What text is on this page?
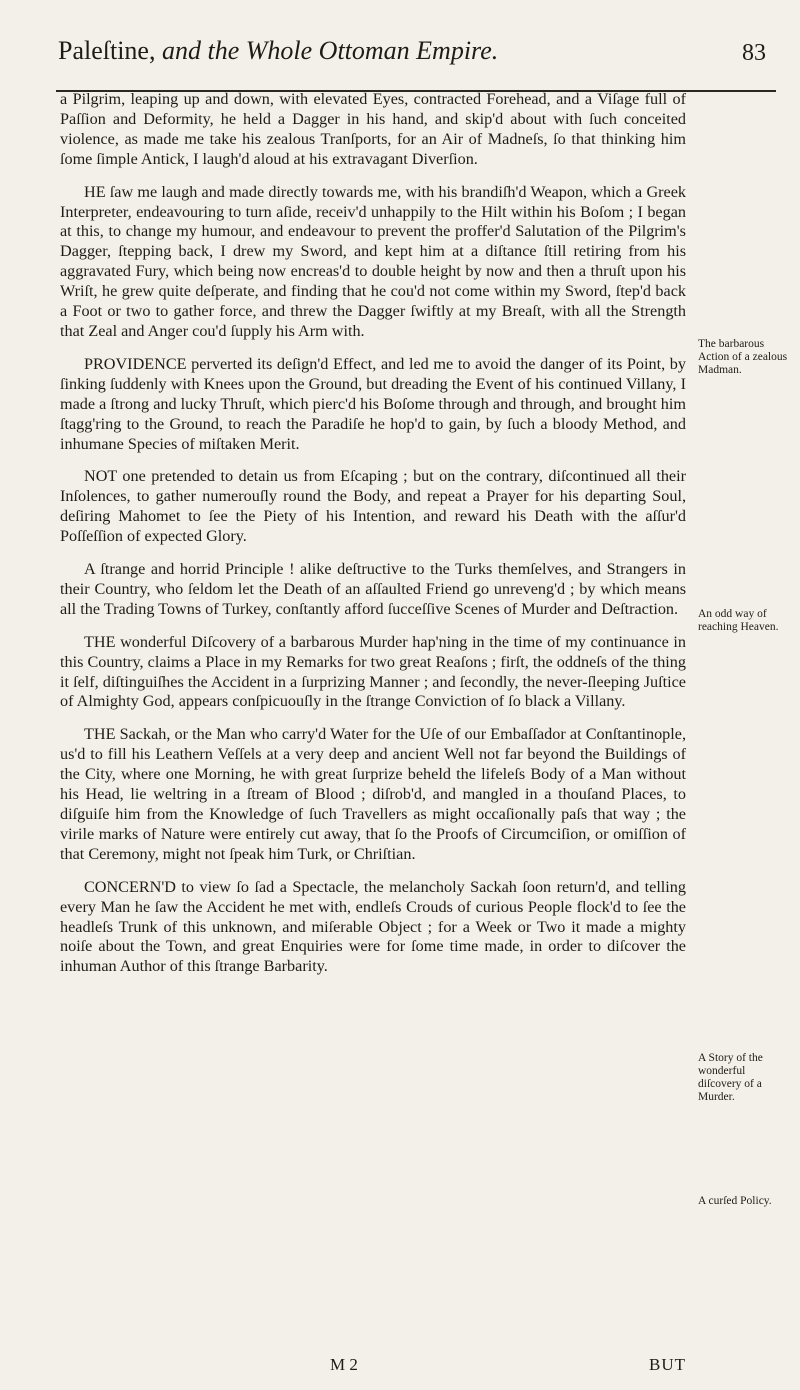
Paleſtine, and the Whole Ottoman Empire.	83

a Pilgrim, leaping up and down, with elevated Eyes, contracted Forehead, and a Viſage full of Paſſion and Deformity, he held a Dagger in his hand, and skip'd about with ſuch conceited violence, as made me take his zealous Tranſports, for an Air of Madneſs, ſo that thinking him ſome ſimple Antick, I laugh'd aloud at his extravagant Diverſion.

HE ſaw me laugh and made directly towards me, with his brandiſh'd Weapon, which a Greek Interpreter, endeavouring to turn aſide, receiv'd unhappily to the Hilt within his Boſom ; I began at this, to change my humour, and endeavour to prevent the proffer'd Salutation of the Pilgrim's Dagger, ſtepping back, I drew my Sword, and kept him at a diſtance ſtill retiring from his aggravated Fury, which being now encreas'd to double height by now and then a thruſt upon his Wriſt, he grew quite deſperate, and finding that he cou'd not come within my Sword, ſtep'd back a Foot or two to gather force, and threw the Dagger ſwiftly at my Breaſt, with all the Strength that Zeal and Anger cou'd ſupply his Arm with.

PROVIDENCE perverted its deſign'd Effect, and led me to avoid the danger of its Point, by ſinking ſuddenly with Knees upon the Ground, but dreading the Event of his continued Villany, I made a ſtrong and lucky Thruſt, which pierc'd his Boſome through and through, and brought him ſtagg'ring to the Ground, to reach the Paradiſe he hop'd to gain, by ſuch a bloody Method, and inhumane Species of miſtaken Merit.

NOT one pretended to detain us from Eſcaping ; but on the contrary, diſcontinued all their Inſolences, to gather numerouſly round the Body, and repeat a Prayer for his departing Soul, deſiring Mahomet to ſee the Piety of his Intention, and reward his Death with the aſſur'd Poſſeſſion of expected Glory.

A ſtrange and horrid Principle ! alike deſtructive to the Turks themſelves, and Strangers in their Country, who ſeldom let the Death of an aſſaulted Friend go unreveng'd ; by which means all the Trading Towns of Turkey, conſtantly afford ſucceſſive Scenes of Murder and Deſtraction.

THE wonderful Diſcovery of a barbarous Murder hap'ning in the time of my continuance in this Country, claims a Place in my Remarks for two great Reaſons ; firſt, the oddneſs of the thing it ſelf, diſtinguiſhes the Accident in a ſurprizing Manner ; and ſecondly, the never-ſleeping Juſtice of Almighty God, appears conſpicuouſly in the ſtrange Conviction of ſo black a Villany.

THE Sackah, or the Man who carry'd Water for the Uſe of our Embaſſador at Conſtantinople, us'd to fill his Leathern Veſſels at a very deep and ancient Well not far beyond the Buildings of the City, where one Morning, he with great ſurprize beheld the lifeleſs Body of a Man without his Head, lie weltring in a ſtream of Blood ; diſrob'd, and mangled in a thouſand Places, to diſguiſe him from the Knowledge of ſuch Travellers as might occaſionally paſs that way ; the virile marks of Nature were entirely cut away, that ſo the Proofs of Circumciſion, or omiſſion of that Ceremony, might not ſpeak him Turk, or Chriſtian.

CONCERN'D to view ſo ſad a Spectacle, the melancholy Sackah ſoon return'd, and telling every Man he ſaw the Accident he met with, endleſs Crouds of curious People flock'd to ſee the headleſs Trunk of this unknown, and miſerable Object ; for a Week or Two it made a mighty noiſe about the Town, and great Enquiries were for ſome time made, in order to diſcover the inhuman Author of this ſtrange Barbarity.

The barbarous Action of a zealous Madman.
An odd way of reaching Heaven.
A Story of the wonderful diſcovery of a Murder.
A curſed Policy.
M 2	BUT
